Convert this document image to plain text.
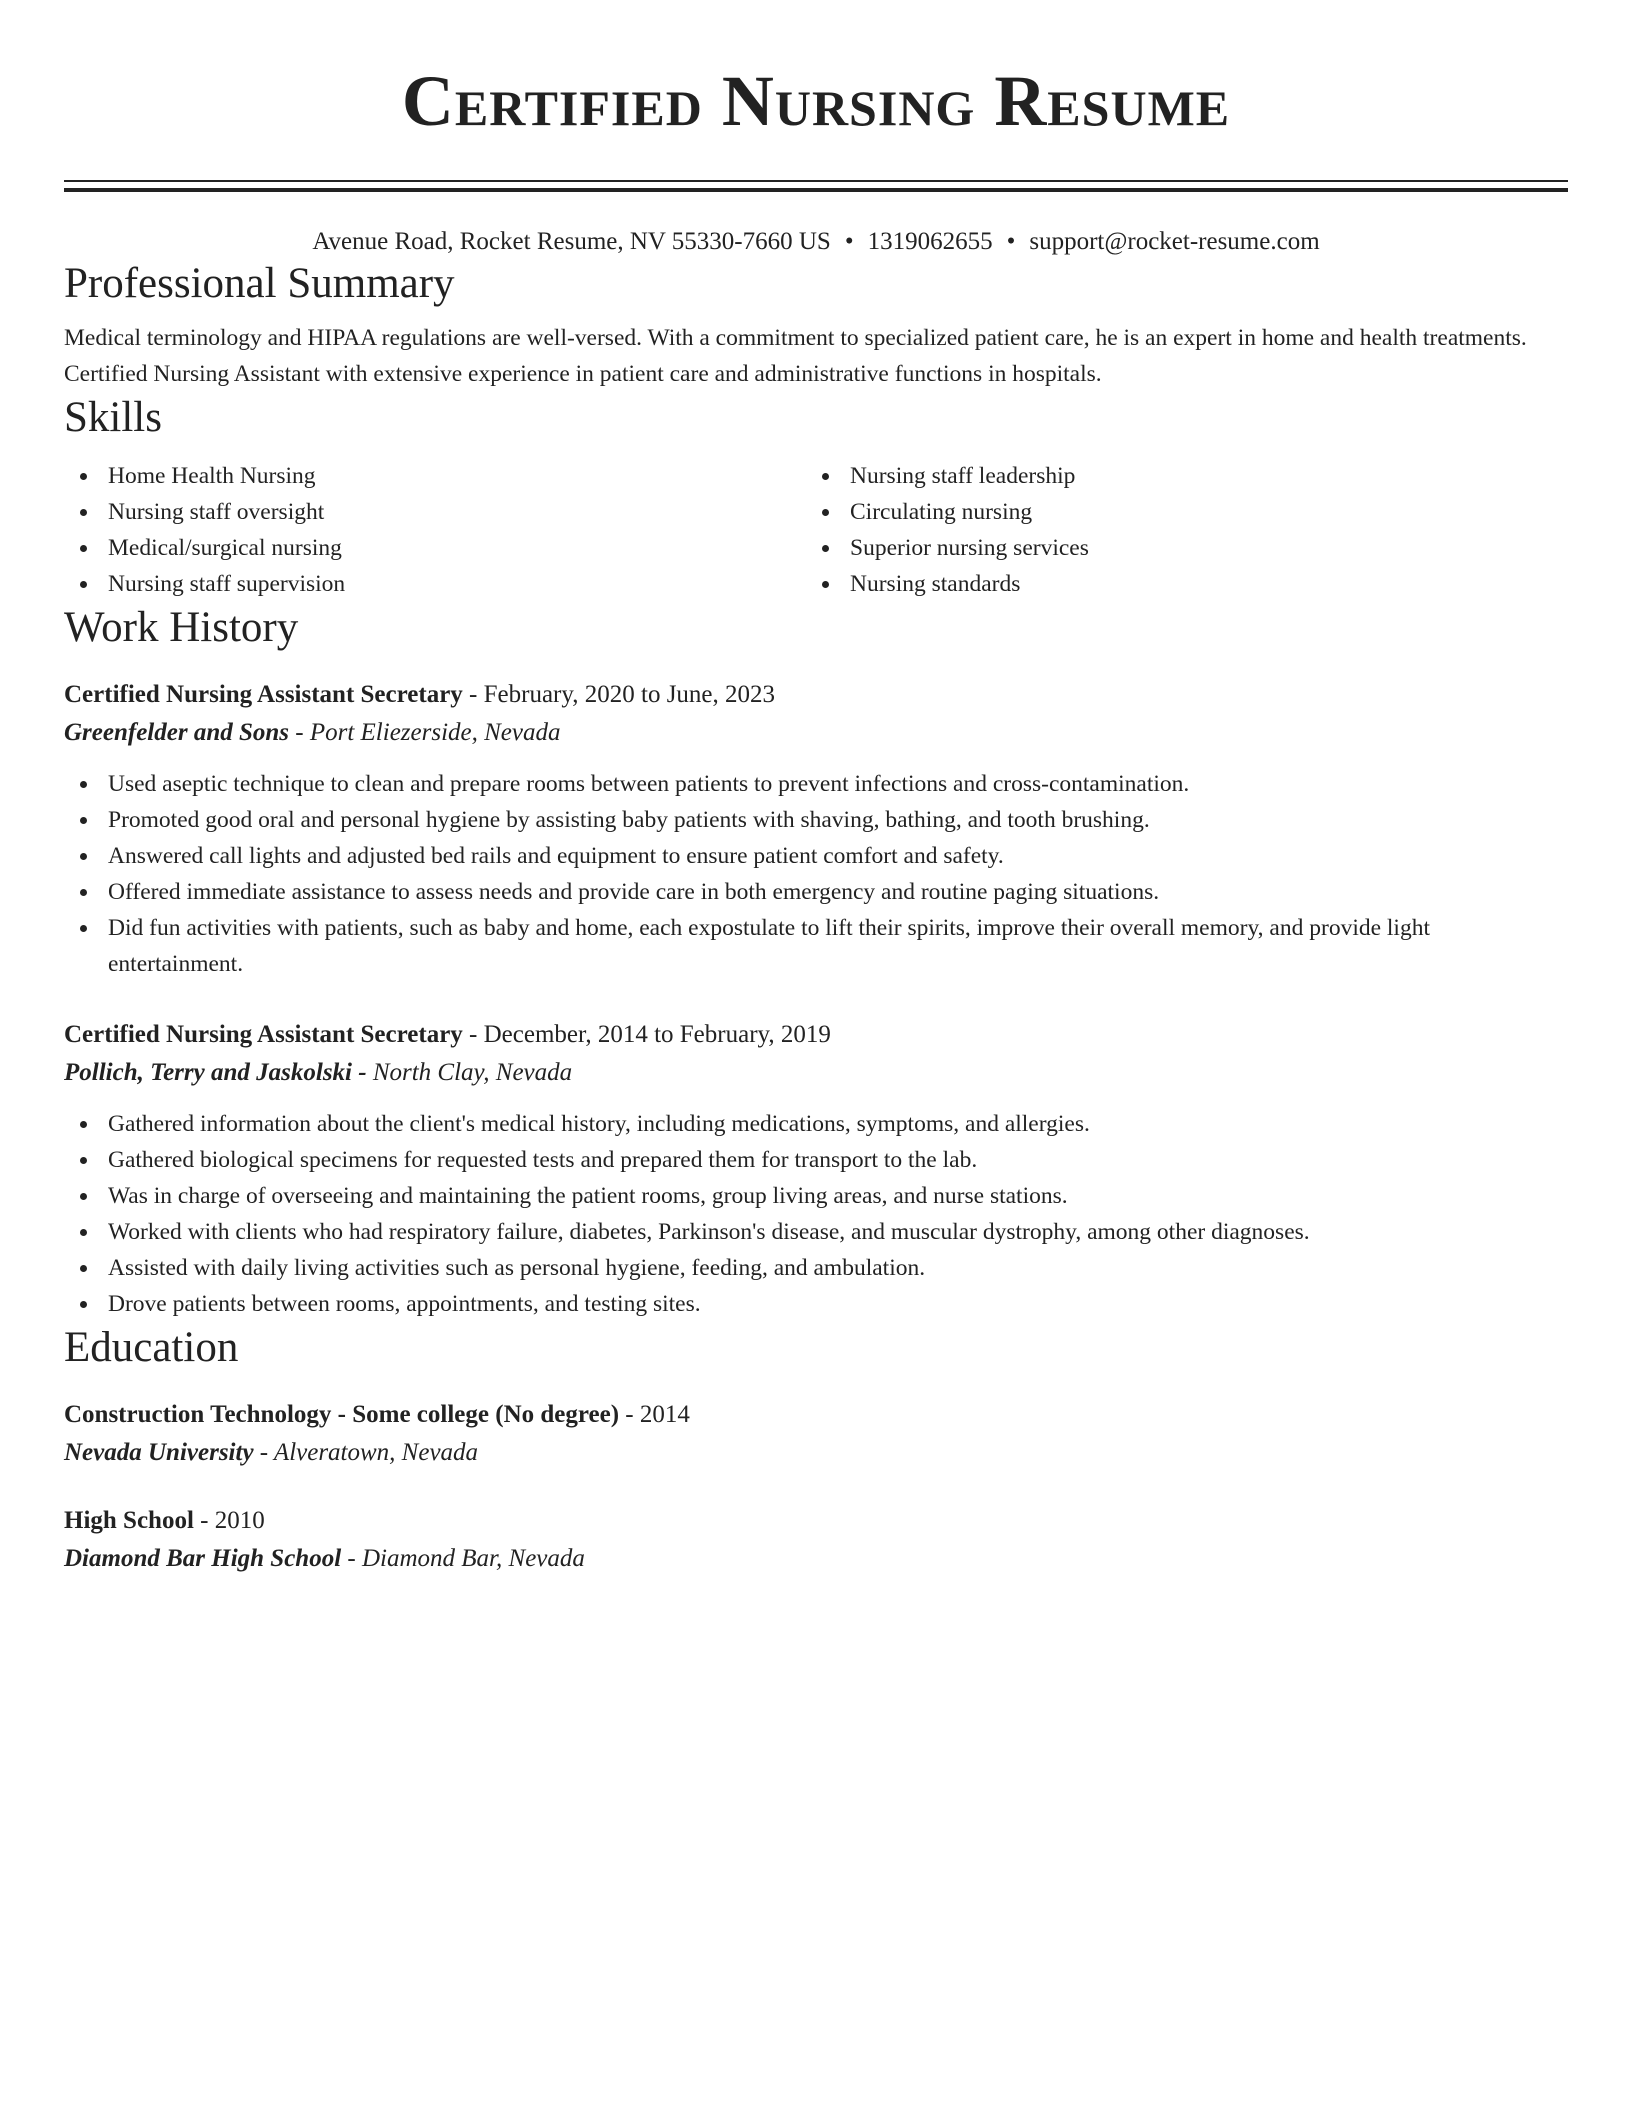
Certified Nursing Resume
Avenue Road, Rocket Resume, NV 55330-7660 US • 1319062655 • support@rocket-resume.com
Professional Summary
Medical terminology and HIPAA regulations are well-versed. With a commitment to specialized patient care, he is an expert in home and health treatments. Certified Nursing Assistant with extensive experience in patient care and administrative functions in hospitals.
Skills
Home Health Nursing
Nursing staff oversight
Medical/surgical nursing
Nursing staff supervision
Nursing staff leadership
Circulating nursing
Superior nursing services
Nursing standards
Work History
Certified Nursing Assistant Secretary - February, 2020 to June, 2023
Greenfelder and Sons - Port Eliezerside, Nevada
Used aseptic technique to clean and prepare rooms between patients to prevent infections and cross-contamination.
Promoted good oral and personal hygiene by assisting baby patients with shaving, bathing, and tooth brushing.
Answered call lights and adjusted bed rails and equipment to ensure patient comfort and safety.
Offered immediate assistance to assess needs and provide care in both emergency and routine paging situations.
Did fun activities with patients, such as baby and home, each expostulate to lift their spirits, improve their overall memory, and provide light entertainment.
Certified Nursing Assistant Secretary - December, 2014 to February, 2019
Pollich, Terry and Jaskolski - North Clay, Nevada
Gathered information about the client's medical history, including medications, symptoms, and allergies.
Gathered biological specimens for requested tests and prepared them for transport to the lab.
Was in charge of overseeing and maintaining the patient rooms, group living areas, and nurse stations.
Worked with clients who had respiratory failure, diabetes, Parkinson's disease, and muscular dystrophy, among other diagnoses.
Assisted with daily living activities such as personal hygiene, feeding, and ambulation.
Drove patients between rooms, appointments, and testing sites.
Education
Construction Technology - Some college (No degree) - 2014
Nevada University - Alveratown, Nevada
High School - 2010
Diamond Bar High School - Diamond Bar, Nevada
